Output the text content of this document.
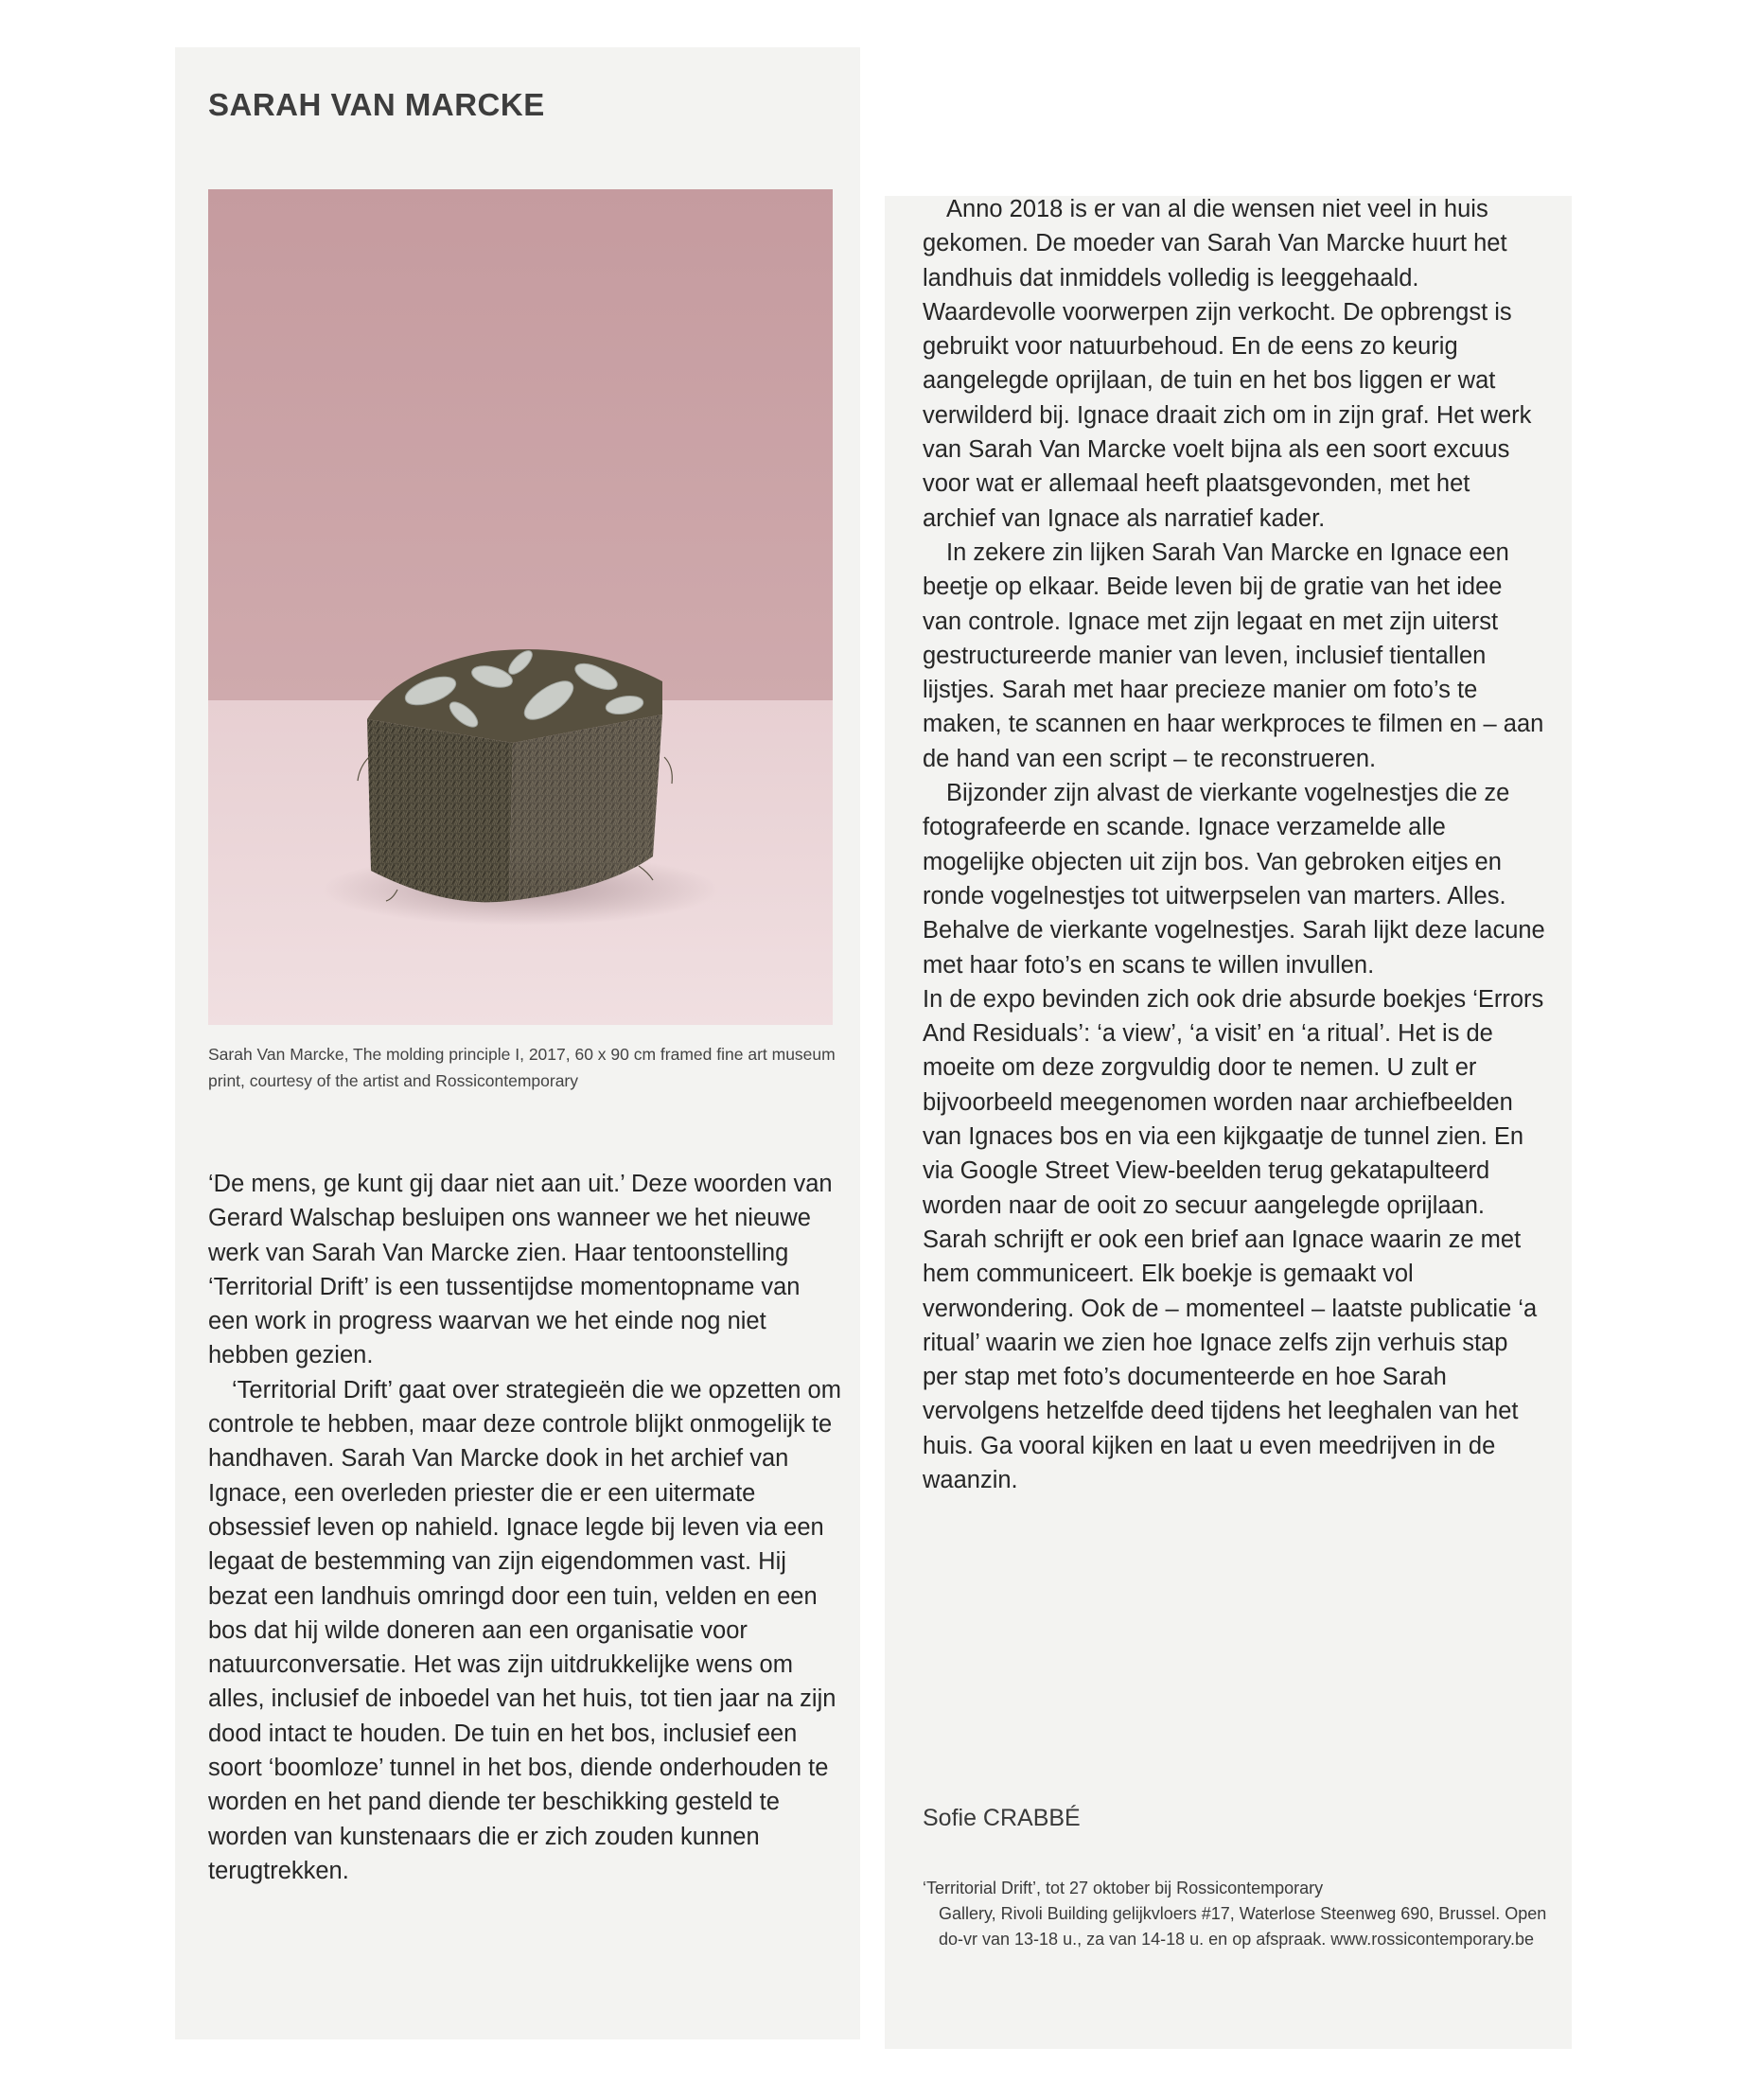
SARAH VAN MARCKE

Sarah Van Marcke, The molding principle I, 2017, 60 x 90 cm framed fine art museum print, courtesy of the artist and Rossicontemporary

‘De mens, ge kunt gij daar niet aan uit.’ Deze woorden van Gerard Walschap besluipen ons wanneer we het nieuwe werk van Sarah Van Marcke zien. Haar tentoonstelling ‘Territorial Drift’ is een tussentijdse momentopname van een work in progress waarvan we het einde nog niet hebben gezien.

‘Territorial Drift’ gaat over strategieën die we opzetten om controle te hebben, maar deze controle blijkt onmogelijk te handhaven. Sarah Van Marcke dook in het archief van Ignace, een overleden priester die er een uitermate obsessief leven op nahield. Ignace legde bij leven via een legaat de bestemming van zijn eigendommen vast. Hij bezat een landhuis omringd door een tuin, velden en een bos dat hij wilde doneren aan een organisatie voor natuurconversatie. Het was zijn uitdrukkelijke wens om alles, inclusief de inboedel van het huis, tot tien jaar na zijn dood intact te houden. De tuin en het bos, inclusief een soort ‘boomloze’ tunnel in het bos, diende onderhouden te worden en het pand diende ter beschikking gesteld te worden van kunstenaars die er zich zouden kunnen terugtrekken.

Anno 2018 is er van al die wensen niet veel in huis gekomen. De moeder van Sarah Van Marcke huurt het landhuis dat inmiddels volledig is leeggehaald. Waardevolle voorwerpen zijn verkocht. De opbrengst is gebruikt voor natuurbehoud. En de eens zo keurig aangelegde oprijlaan, de tuin en het bos liggen er wat verwilderd bij. Ignace draait zich om in zijn graf. Het werk van Sarah Van Marcke voelt bijna als een soort excuus voor wat er allemaal heeft plaatsgevonden, met het archief van Ignace als narratief kader.

In zekere zin lijken Sarah Van Marcke en Ignace een beetje op elkaar. Beide leven bij de gratie van het idee van controle. Ignace met zijn legaat en met zijn uiterst gestructureerde manier van leven, inclusief tientallen lijstjes. Sarah met haar precieze manier om foto’s te maken, te scannen en haar werkproces te filmen en – aan de hand van een script – te reconstrueren.

Bijzonder zijn alvast de vierkante vogelnestjes die ze fotografeerde en scande. Ignace verzamelde alle mogelijke objecten uit zijn bos. Van gebroken eitjes en ronde vogelnestjes tot uitwerpselen van marters. Alles. Behalve de vierkante vogelnestjes. Sarah lijkt deze lacune met haar foto’s en scans te willen invullen.

In de expo bevinden zich ook drie absurde boekjes ‘Errors And Residuals’: ‘a view’, ‘a visit’ en ‘a ritual’. Het is de moeite om deze zorgvuldig door te nemen. U zult er bijvoorbeeld meegenomen worden naar archiefbeelden van Ignaces bos en via een kijkgaatje de tunnel zien. En via Google Street View-beelden terug gekatapulteerd worden naar de ooit zo secuur aangelegde oprijlaan. Sarah schrijft er ook een brief aan Ignace waarin ze met hem communiceert. Elk boekje is gemaakt vol verwondering. Ook de – momenteel – laatste publicatie ‘a ritual’ waarin we zien hoe Ignace zelfs zijn verhuis stap per stap met foto’s documenteerde en hoe Sarah vervolgens hetzelfde deed tijdens het leeghalen van het huis. Ga vooral kijken en laat u even meedrijven in de waanzin.

Sofie CRABBÉ

‘Territorial Drift’, tot 27 oktober bij Rossicontemporary
Gallery, Rivoli Building gelijkvloers #17, Waterlose Steenweg 690, Brussel. Open do-vr van 13-18 u., za van 14-18 u. en op afspraak. www.rossicontemporary.be
